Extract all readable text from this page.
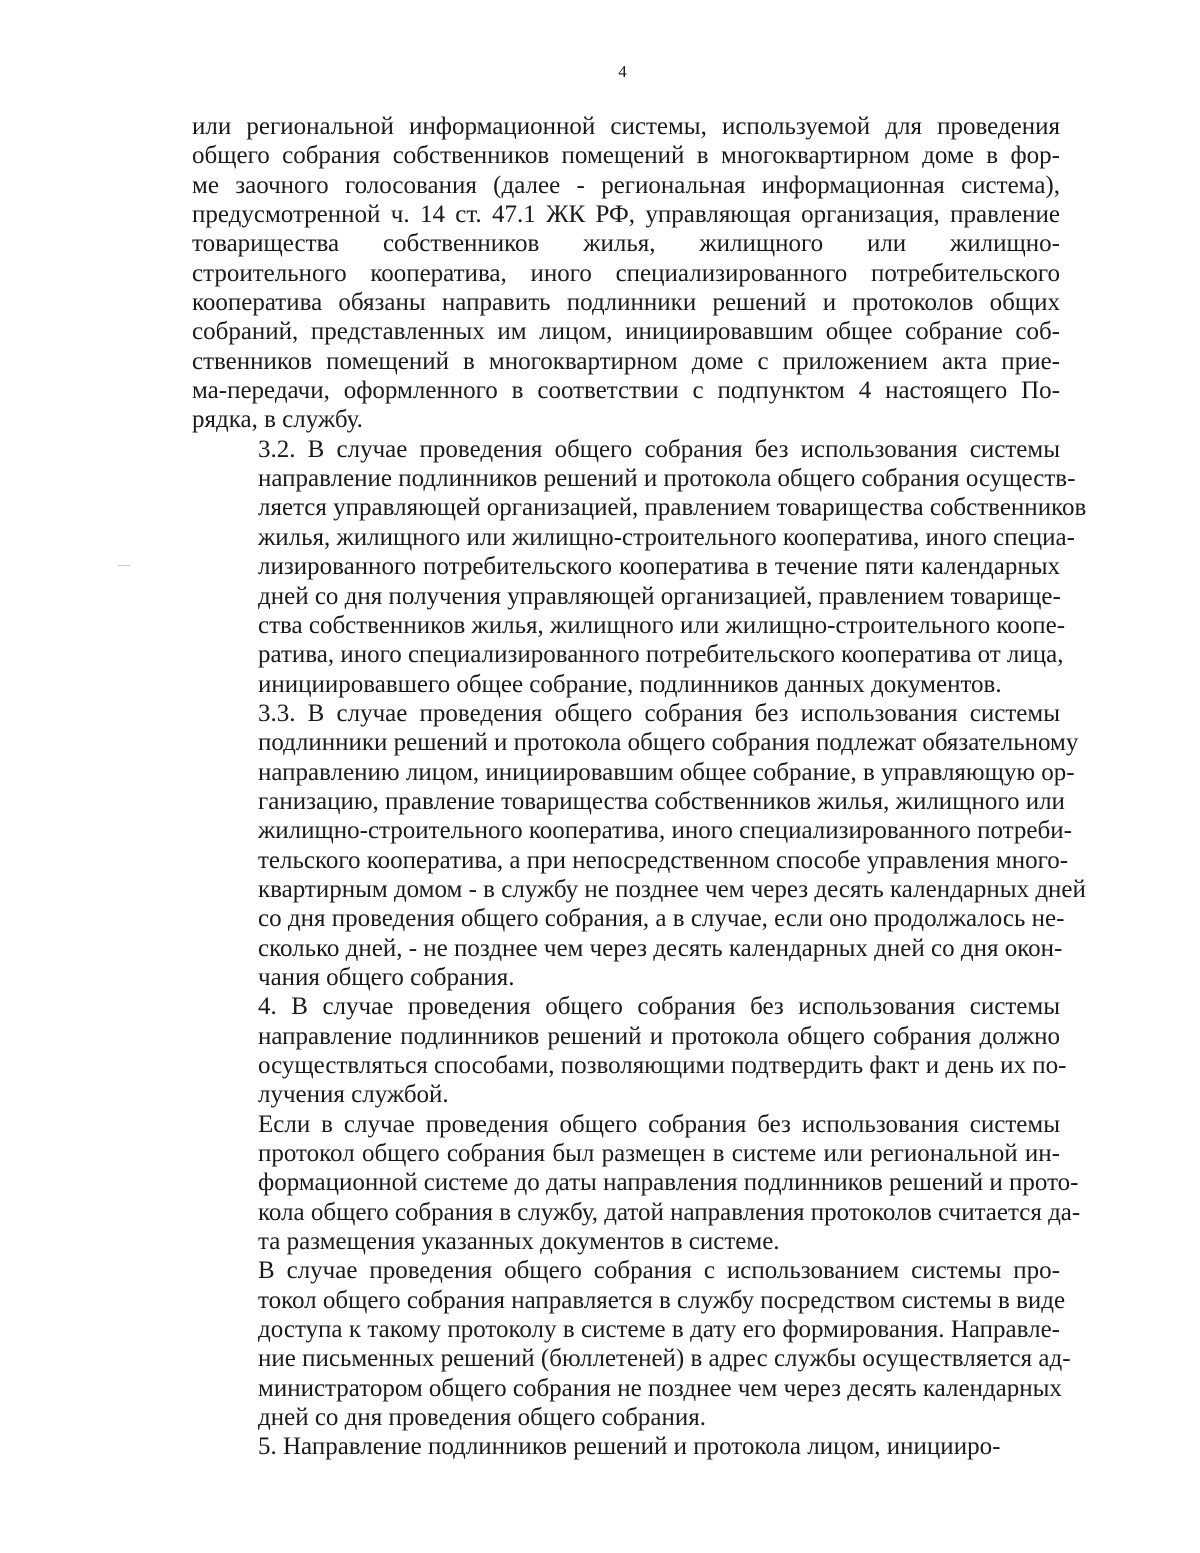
4

или региональной информационной системы, используемой для проведения
общего собрания собственников помещений в многоквартирном доме в фор-
ме заочного голосования (далее - региональная информационная система),
предусмотренной ч. 14 ст. 47.1 ЖК РФ, управляющая организация, правление
товарищества собственников жилья, жилищного или жилищно-
строительного кооператива, иного специализированного потребительского
кооператива обязаны направить подлинники решений и протоколов общих
собраний, представленных им лицом, инициировавшим общее собрание соб-
ственников помещений в многоквартирном доме с приложением акта прие-
ма-передачи, оформленного в соответствии с подпунктом 4 настоящего По-
рядка, в службу.

3.2. В случае проведения общего собрания без использования системы
направление подлинников решений и протокола общего собрания осуществ-
ляется управляющей организацией, правлением товарищества собственников
жилья, жилищного или жилищно-строительного кооператива, иного специа-
лизированного потребительского кооператива в течение пяти календарных
дней со дня получения управляющей организацией, правлением товарище-
ства собственников жилья, жилищного или жилищно-строительного коопе-
ратива, иного специализированного потребительского кооператива от лица,
инициировавшего общее собрание, подлинников данных документов.

3.3. В случае проведения общего собрания без использования системы
подлинники решений и протокола общего собрания подлежат обязательному
направлению лицом, инициировавшим общее собрание, в управляющую ор-
ганизацию, правление товарищества собственников жилья, жилищного или
жилищно-строительного кооператива, иного специализированного потреби-
тельского кооператива, а при непосредственном способе управления много-
квартирным домом - в службу не позднее чем через десять календарных дней
со дня проведения общего собрания, а в случае, если оно продолжалось не-
сколько дней, - не позднее чем через десять календарных дней со дня окон-
чания общего собрания.

4. В случае проведения общего собрания без использования системы
направление подлинников решений и протокола общего собрания должно
осуществляться способами, позволяющими подтвердить факт и день их по-
лучения службой.

Если в случае проведения общего собрания без использования системы
протокол общего собрания был размещен в системе или региональной ин-
формационной системе до даты направления подлинников решений и прото-
кола общего собрания в службу, датой направления протоколов считается да-
та размещения указанных документов в системе.

В случае проведения общего собрания с использованием системы про-
токол общего собрания направляется в службу посредством системы в виде
доступа к такому протоколу в системе в дату его формирования. Направле-
ние письменных решений (бюллетеней) в адрес службы осуществляется ад-
министратором общего собрания не позднее чем через десять календарных
дней со дня проведения общего собрания.

5. Направление подлинников решений и протокола лицом, инициирo-
